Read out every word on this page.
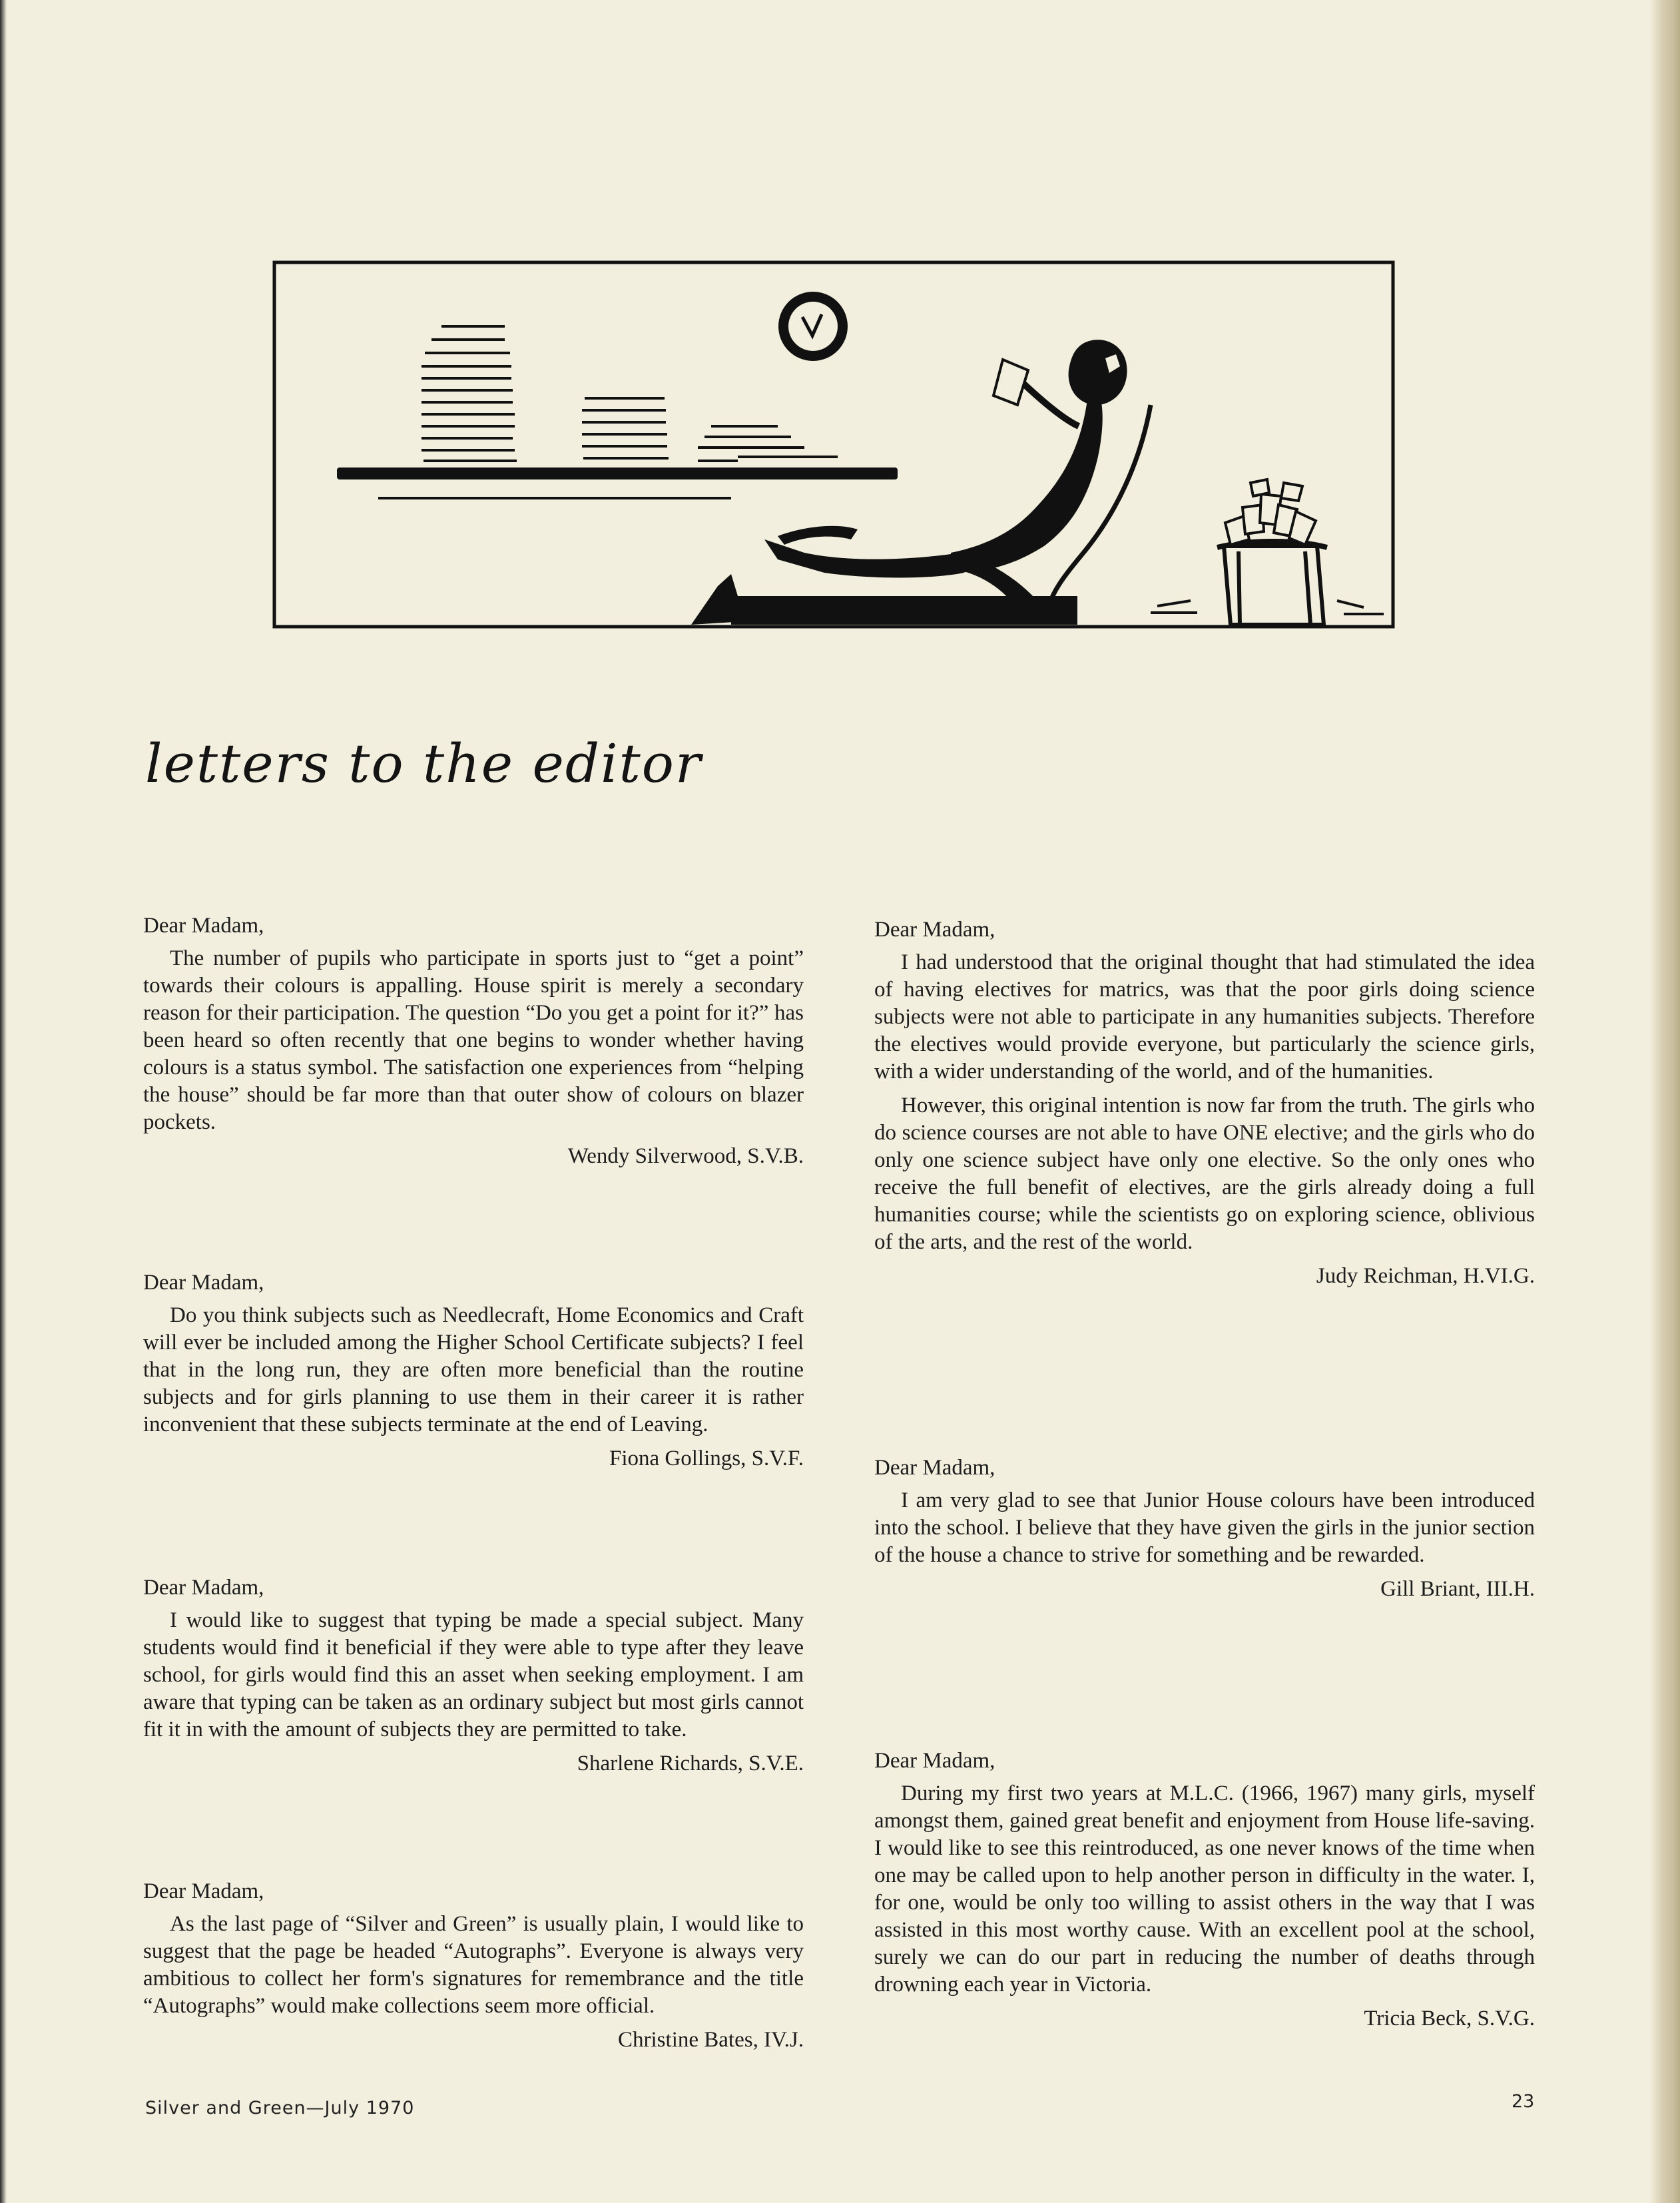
letters to the editor
Dear Madam,

The number of pupils who participate in sports just to “get a point” towards their colours is appalling. House spirit is merely a secondary reason for their participation. The question “Do you get a point for it?” has been heard so often recently that one begins to wonder whether having colours is a status symbol. The satisfaction one experiences from “helping the house” should be far more than that outer show of colours on blazer pockets.

Wendy Silverwood, S.V.B.
Dear Madam,

Do you think subjects such as Needlecraft, Home Economics and Craft will ever be included among the Higher School Certificate subjects? I feel that in the long run, they are often more beneficial than the routine subjects and for girls planning to use them in their career it is rather inconvenient that these subjects terminate at the end of Leaving.

Fiona Gollings, S.V.F.
Dear Madam,

I would like to suggest that typing be made a special subject. Many students would find it beneficial if they were able to type after they leave school, for girls would find this an asset when seeking employment. I am aware that typing can be taken as an ordinary subject but most girls cannot fit it in with the amount of subjects they are permitted to take.

Sharlene Richards, S.V.E.
Dear Madam,

As the last page of “Silver and Green” is usually plain, I would like to suggest that the page be headed “Autographs”. Everyone is always very ambitious to collect her form's signatures for remembrance and the title “Autographs” would make collections seem more official.

Christine Bates, IV.J.
Dear Madam,

I had understood that the original thought that had stimulated the idea of having electives for matrics, was that the poor girls doing science subjects were not able to participate in any humanities subjects. Therefore the electives would provide everyone, but particularly the science girls, with a wider understanding of the world, and of the humanities.

However, this original intention is now far from the truth. The girls who do science courses are not able to have ONE elective; and the girls who do only one science subject have only one elective. So the only ones who receive the full benefit of electives, are the girls already doing a full humanities course; while the scientists go on exploring science, oblivious of the arts, and the rest of the world.

Judy Reichman, H.VI.G.
Dear Madam,

I am very glad to see that Junior House colours have been introduced into the school. I believe that they have given the girls in the junior section of the house a chance to strive for something and be rewarded.

Gill Briant, III.H.
Dear Madam,

During my first two years at M.L.C. (1966, 1967) many girls, myself amongst them, gained great benefit and enjoyment from House life-saving. I would like to see this reintroduced, as one never knows of the time when one may be called upon to help another person in difficulty in the water. I, for one, would be only too willing to assist others in the way that I was assisted in this most worthy cause. With an excellent pool at the school, surely we can do our part in reducing the number of deaths through drowning each year in Victoria.

Tricia Beck, S.V.G.
Silver and Green—July 1970	23
